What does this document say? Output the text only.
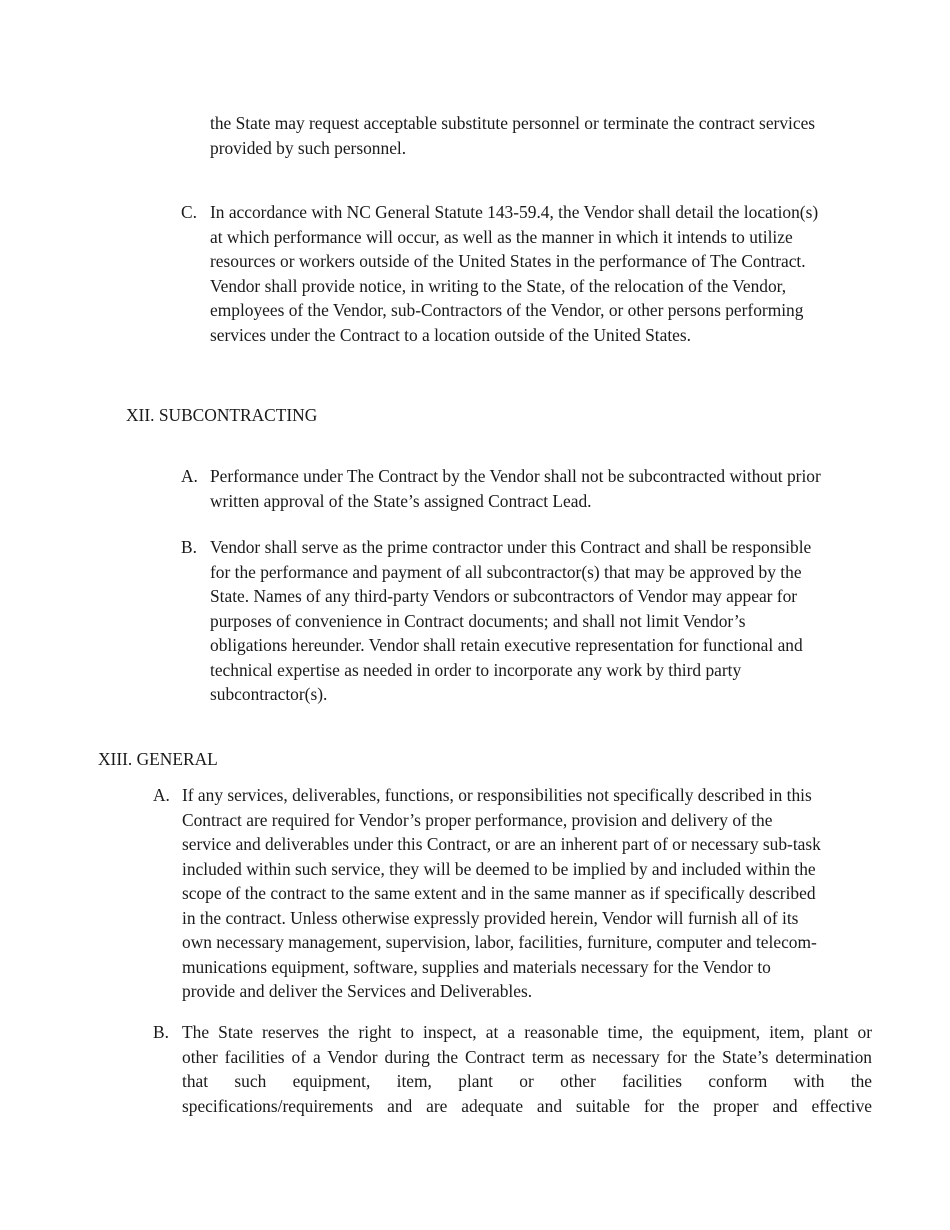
the State may request acceptable substitute personnel or terminate the contract services
provided by such personnel.
C. In accordance with NC General Statute 143-59.4, the Vendor shall detail the location(s)
at which performance will occur, as well as the manner in which it intends to utilize
resources or workers outside of the United States in the performance of The Contract.
Vendor shall provide notice, in writing to the State, of the relocation of the Vendor,
employees of the Vendor, sub-Contractors of the Vendor, or other persons performing
services under the Contract to a location outside of the United States.
XII. SUBCONTRACTING
A. Performance under The Contract by the Vendor shall not be subcontracted without prior
written approval of the State’s assigned Contract Lead.
B. Vendor shall serve as the prime contractor under this Contract and shall be responsible
for the performance and payment of all subcontractor(s) that may be approved by the
State. Names of any third-party Vendors or subcontractors of Vendor may appear for
purposes of convenience in Contract documents; and shall not limit Vendor’s
obligations hereunder. Vendor shall retain executive representation for functional and
technical expertise as needed in order to incorporate any work by third party
subcontractor(s).
XIII. GENERAL
A. If any services, deliverables, functions, or responsibilities not specifically described in this
Contract are required for Vendor’s proper performance, provision and delivery of the
service and deliverables under this Contract, or are an inherent part of or necessary sub-task
included within such service, they will be deemed to be implied by and included within the
scope of the contract to the same extent and in the same manner as if specifically described
in the contract. Unless otherwise expressly provided herein, Vendor will furnish all of its
own necessary management, supervision, labor, facilities, furniture, computer and telecom-
munications equipment, software, supplies and materials necessary for the Vendor to
provide and deliver the Services and Deliverables.
B. The State reserves the right to inspect, at a reasonable time, the equipment, item, plant or
other facilities of a Vendor during the Contract term as necessary for the State’s determination
that such equipment, item, plant or other facilities conform with the
specifications/requirements and are adequate and suitable for the proper and effective
